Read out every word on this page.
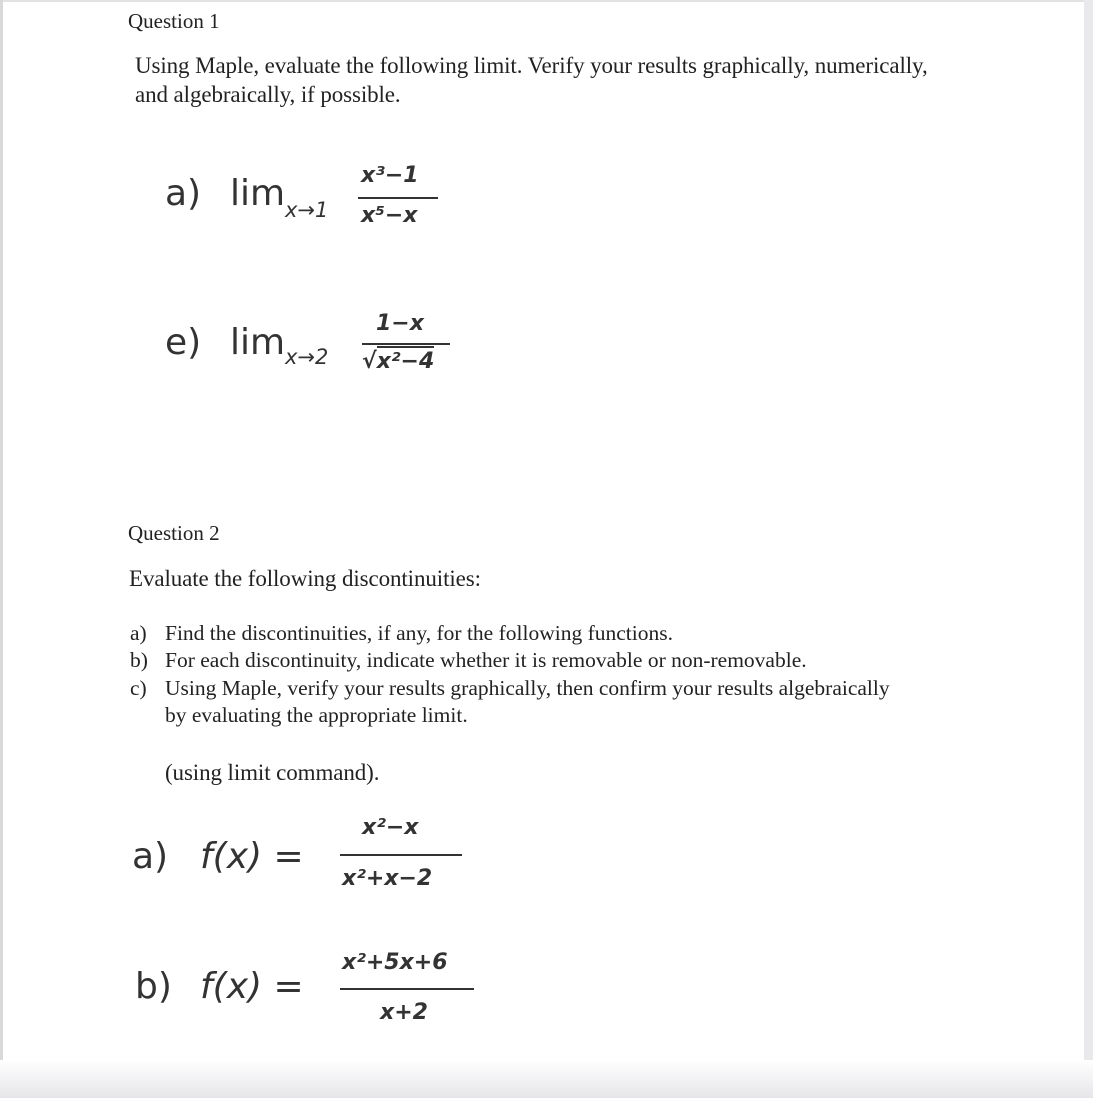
Question 1
Using Maple, evaluate the following limit. Verify your results graphically, numerically,
and algebraically, if possible.
a) lim x→1
x³−1
x⁵−x
e) lim x→2
1−x
√x²−4
Question 2
Evaluate the following discontinuities:
a) Find the discontinuities, if any, for the following functions.
b) For each discontinuity, indicate whether it is removable or non-removable.
c) Using Maple, verify your results graphically, then confirm your results algebraically
by evaluating the appropriate limit.
(using limit command).
a) f(x) =
x²−x
x²+x−2
b) f(x) =
x²+5x+6
x+2
